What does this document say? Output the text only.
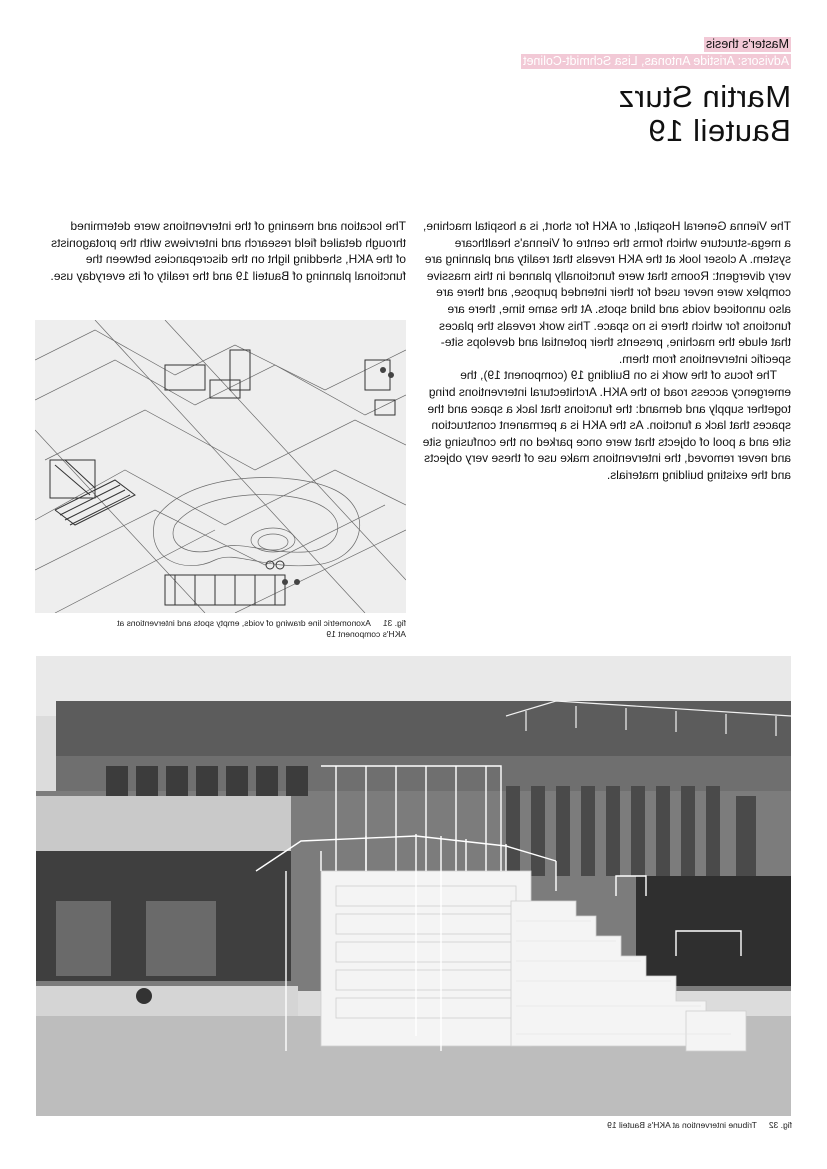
Master's thesis
Advisors: Aristide Antonas, Lisa Schmidt-Colinet
Martin Sturz
Bauteil 19

The Vienna General Hospital, or AKH for short, is a hospital machine, a mega-structure which forms the centre of Vienna's healthcare system. A closer look at the AKH reveals that reality and planning are very divergent: Rooms that were functionally planned in this massive complex were never used for their intended purpose, and there are also unnoticed voids and blind spots. At the same time, there are functions for which there is no space. This work reveals the places that elude the machine, presents their potential and develops site-specific interventions from them.

The focus of the work is on Building 19 (component 19), the emergency access road to the AKH. Architectural interventions bring together supply and demand: the functions that lack a space and the spaces that lack a function. As the AKH is a permanent construction site and a pool of objects that were once parked on the confusing site and never removed, the interventions make use of these very objects and the existing building materials.

The location and meaning of the interventions were determined through detailed field research and interviews with the protagonists of the AKH, shedding light on the discrepancies between the functional planning of Bauteil 19 and the reality of its everyday use.

fig. 31Axonometric line drawing of voids, empty spots and interventions at AKH's component 19
fig. 32Tribune intervention at AKH's Bauteil 19
